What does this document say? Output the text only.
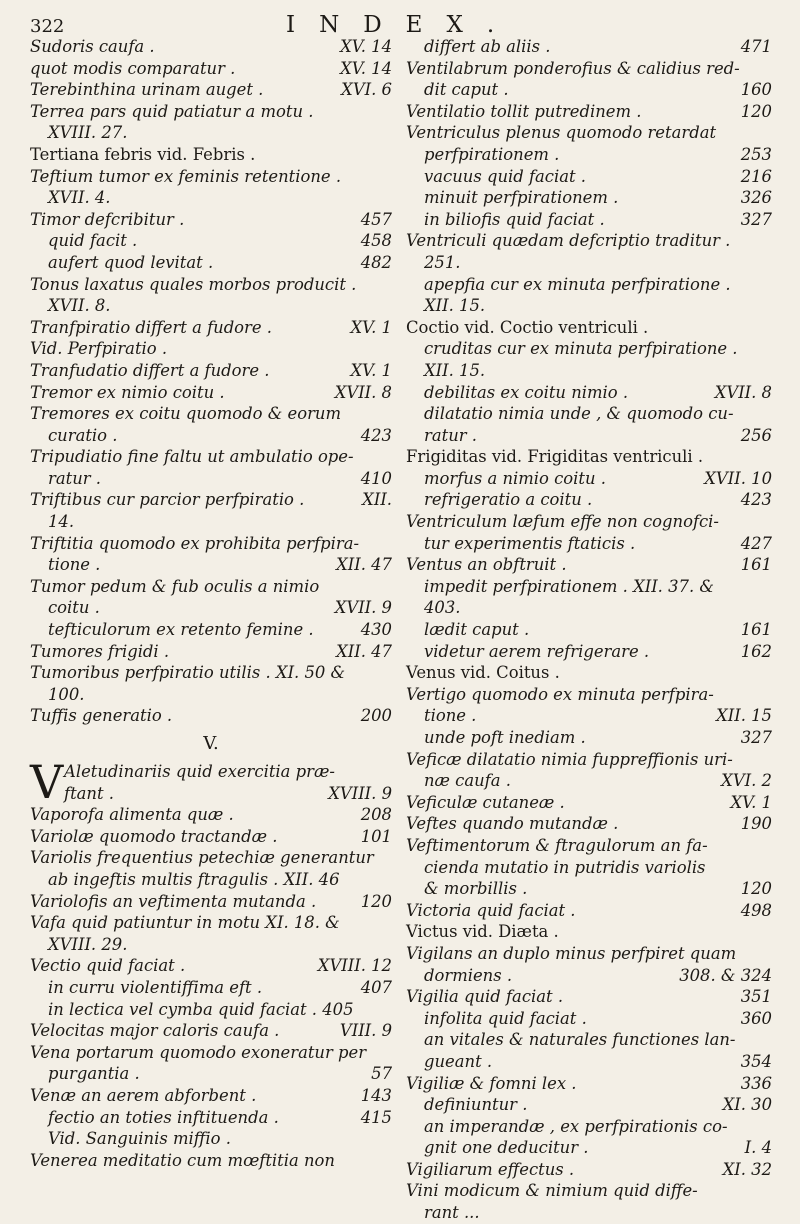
322	INDEX.
Sudoris caufa .	XV. 14
quot modis comparatur .	XV. 14
Terebinthina urinam auget .	XVI. 6
Terrea pars quid patiatur a motu .
XVIII. 27.
Tertiana febris vid. Febris .
Teftium tumor ex feminis retentione .
XVII. 4.
Timor defcribitur .	457
quid facit .	458
aufert quod levitat .	482
Tonus laxatus quales morbos producit .
XVII. 8.
Tranfpiratio differt a fudore .	XV. 1
Vid. Perfpiratio .
Tranfudatio differt a fudore .	XV. 1
Tremor ex nimio coitu .	XVII. 8
Tremores ex coitu quomodo & eorum
curatio .	423
Tripudiatio fine faltu ut ambulatio ope-
ratur .	410
Triftibus cur parcior perfpiratio .	XII.
14.
Triftitia quomodo ex prohibita perfpira-
tione .	XII. 47
Tumor pedum & fub oculis a nimio
coitu .	XVII. 9
tefticulorum ex retento femine .	430
Tumores frigidi .	XII. 47
Tumoribus perfpiratio utilis . XI. 50 &
100.
Tuffis generatio .	200
V.
V Aletudinariis quid exercitia præ-
ftant .	XVIII. 9
Vaporofa alimenta quæ .	208
Variolæ quomodo tractandæ .	101
Variolis frequentius petechiæ generantur
ab ingeftis multis ftragulis . XII. 46
Variolofis an veftimenta mutanda .	120
Vafa quid patiuntur in motu XI. 18. &
XVIII. 29.
Vectio quid faciat .	XVIII. 12
in curru violentiffima eft .	407
in lectica vel cymba quid faciat . 405
Velocitas major caloris caufa .	VIII. 9
Vena portarum quomodo exoneratur per
purgantia .	57
Venæ an aerem abforbent .	143
fectio an toties inftituenda .	415
Vid. Sanguinis miffio .
Venerea meditatio cum mœftitia non
differt ab aliis .	471
Ventilabrum ponderofius & calidius red-
dit caput .	160
Ventilatio tollit putredinem .	120
Ventriculus plenus quomodo retardat
perfpirationem .	253
vacuus quid faciat .	216
minuit perfpirationem .	326
in biliofis quid faciat .	327
Ventriculi quædam defcriptio traditur .
251.
apepfia cur ex minuta perfpiratione .
XII. 15.
Coctio vid. Coctio ventriculi .
cruditas cur ex minuta perfpiratione .
XII. 15.
debilitas ex coitu nimio .	XVII. 8
dilatatio nimia unde , & quomodo cu-
ratur .	256
Frigiditas vid. Frigiditas ventriculi .
morfus a nimio coitu .	XVII. 10
refrigeratio a coitu .	423
Ventriculum læfum effe non cognofci-
tur experimentis ftaticis .	427
Ventus an obftruit .	161
impedit perfpirationem . XII. 37. &
403.
lædit caput .	161
videtur aerem refrigerare .	162
Venus vid. Coitus .
Vertigo quomodo ex minuta perfpira-
tione .	XII. 15
unde poft inediam .	327
Veficæ dilatatio nimia fuppreffionis uri-
næ caufa .	XVI. 2
Veficulæ cutaneæ .	XV. 1
Veftes quando mutandæ .	190
Veftimentorum & ftragulorum an fa-
cienda mutatio in putridis variolis
& morbillis .	120
Victoria quid faciat .	498
Victus vid. Diæta .
Vigilans an duplo minus perfpiret quam
dormiens .	308. & 324
Vigilia quid faciat .	351
infolita quid faciat .	360
an vitales & naturales functiones lan-
gueant .	354
Vigiliæ & fomni lex .	336
definiuntur .	XI. 30
an imperandæ , ex perfpirationis co-
gnit one deducitur .	I. 4
Vigiliarum effectus .	XI. 32
Vini modicum & nimium quid diffe-
rant ...
